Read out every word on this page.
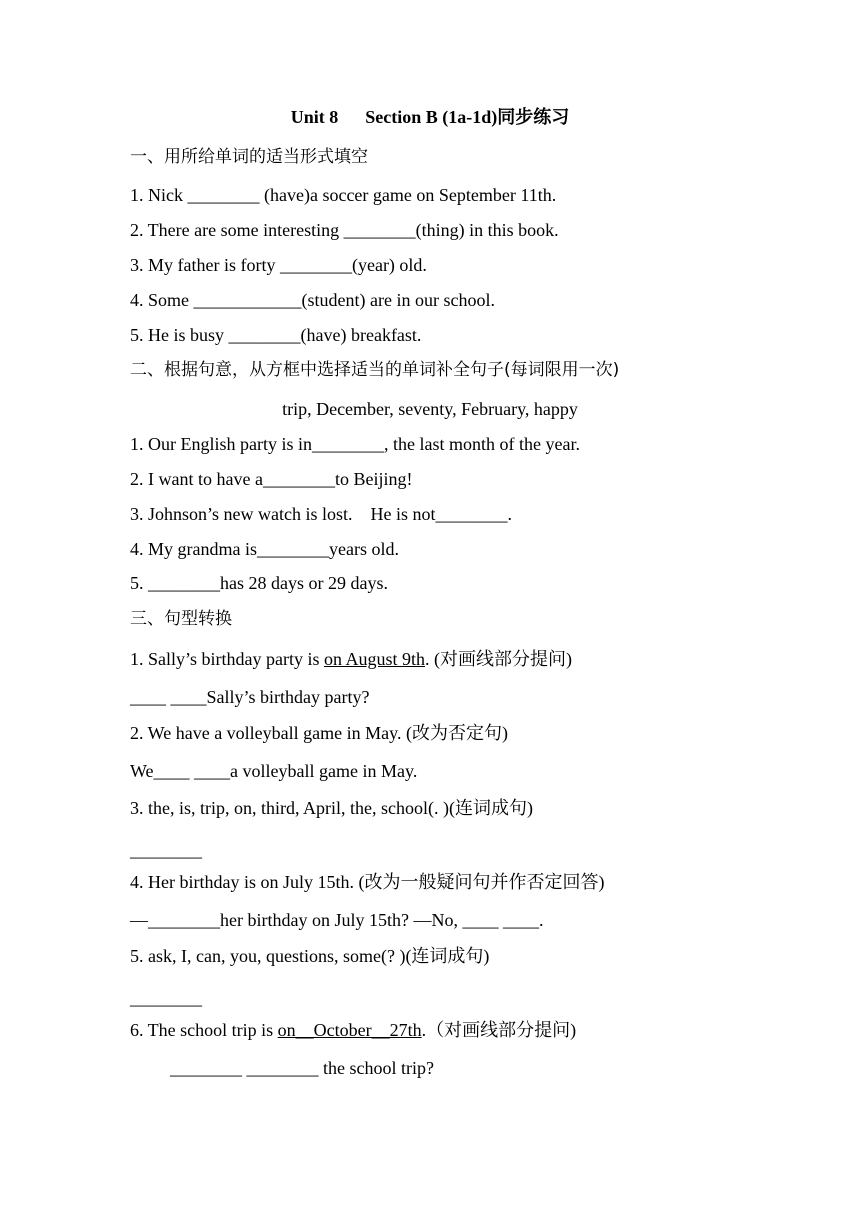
Unit 8      Section B (1a-1d)同步练习
一、用所给单词的适当形式填空
1. Nick ________ (have)a soccer game on September 11th.
2. There are some interesting ________(thing) in this book.
3. My father is forty ________(year) old.
4. Some ____________(student) are in our school.
5. He is busy ________(have) breakfast.
二、根据句意，从方框中选择适当的单词补全句子(每词限用一次)
trip, December, seventy, February, happy
1. Our English party is in________, the last month of the year.
2. I want to have a________to Beijing!
3. Johnson’s new watch is lost.    He is not________.
4. My grandma is________years old.
5. ________has 28 days or 29 days.
三、句型转换
1. Sally’s birthday party is on August 9th. (对画线部分提问)
____ ____Sally’s birthday party?
2. We have a volleyball game in May. (改为否定句)
We____ ____a volleyball game in May.
3. the, is, trip, on, third, April, the, school(. )(连词成句)
________
4. Her birthday is on July 15th. (改为一般疑问句并作否定回答)
—________her birthday on July 15th? —No, ____ ____.
5. ask, I, can, you, questions, some(? )(连词成句)
________
6. The school trip is on__October__27th.（对画线部分提问)
________ ________ the school trip?
